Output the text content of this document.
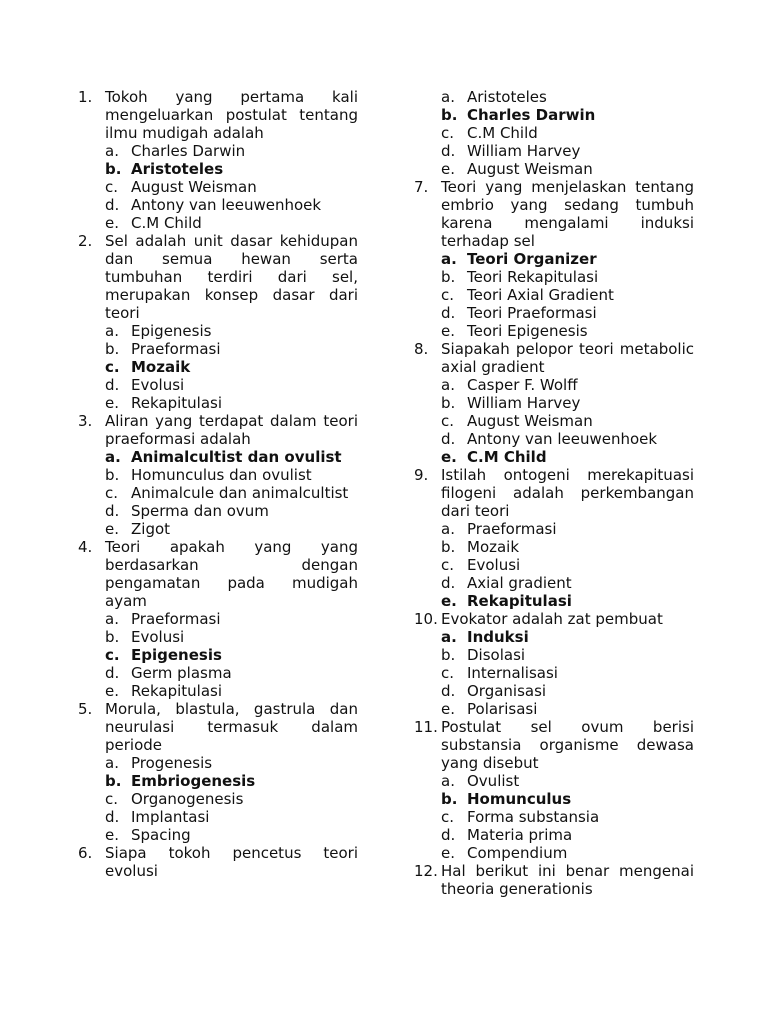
1. Tokoh yang pertama kali mengeluarkan postulat tentang ilmu mudigah adalah
a. Charles Darwin
b. Aristoteles
c. August Weisman
d. Antony van leeuwenhoek
e. C.M Child
2. Sel adalah unit dasar kehidupan dan semua hewan serta tumbuhan terdiri dari sel, merupakan konsep dasar dari teori
a. Epigenesis
b. Praeformasi
c. Mozaik
d. Evolusi
e. Rekapitulasi
3. Aliran yang terdapat dalam teori praeformasi adalah
a. Animalcultist dan ovulist
b. Homunculus dan ovulist
c. Animalcule dan animalcultist
d. Sperma dan ovum
e. Zigot
4. Teori apakah yang yang berdasarkan dengan pengamatan pada mudigah ayam
a. Praeformasi
b. Evolusi
c. Epigenesis
d. Germ plasma
e. Rekapitulasi
5. Morula, blastula, gastrula dan neurulasi termasuk dalam periode
a. Progenesis
b. Embriogenesis
c. Organogenesis
d. Implantasi
e. Spacing
6. Siapa tokoh pencetus teori evolusi
a. Aristoteles
b. Charles Darwin
c. C.M Child
d. William Harvey
e. August Weisman
7. Teori yang menjelaskan tentang embrio yang sedang tumbuh karena mengalami induksi terhadap sel
a. Teori Organizer
b. Teori Rekapitulasi
c. Teori Axial Gradient
d. Teori Praeformasi
e. Teori Epigenesis
8. Siapakah pelopor teori metabolic axial gradient
a. Casper F. Wolff
b. William Harvey
c. August Weisman
d. Antony van leeuwenhoek
e. C.M Child
9. Istilah ontogeni merekapituasi filogeni adalah perkembangan dari teori
a. Praeformasi
b. Mozaik
c. Evolusi
d. Axial gradient
e. Rekapitulasi
10. Evokator adalah zat pembuat
a. Induksi
b. Disolasi
c. Internalisasi
d. Organisasi
e. Polarisasi
11. Postulat sel ovum berisi substansia organisme dewasa yang disebut
a. Ovulist
b. Homunculus
c. Forma substansia
d. Materia prima
e. Compendium
12. Hal berikut ini benar mengenai theoria generationis
